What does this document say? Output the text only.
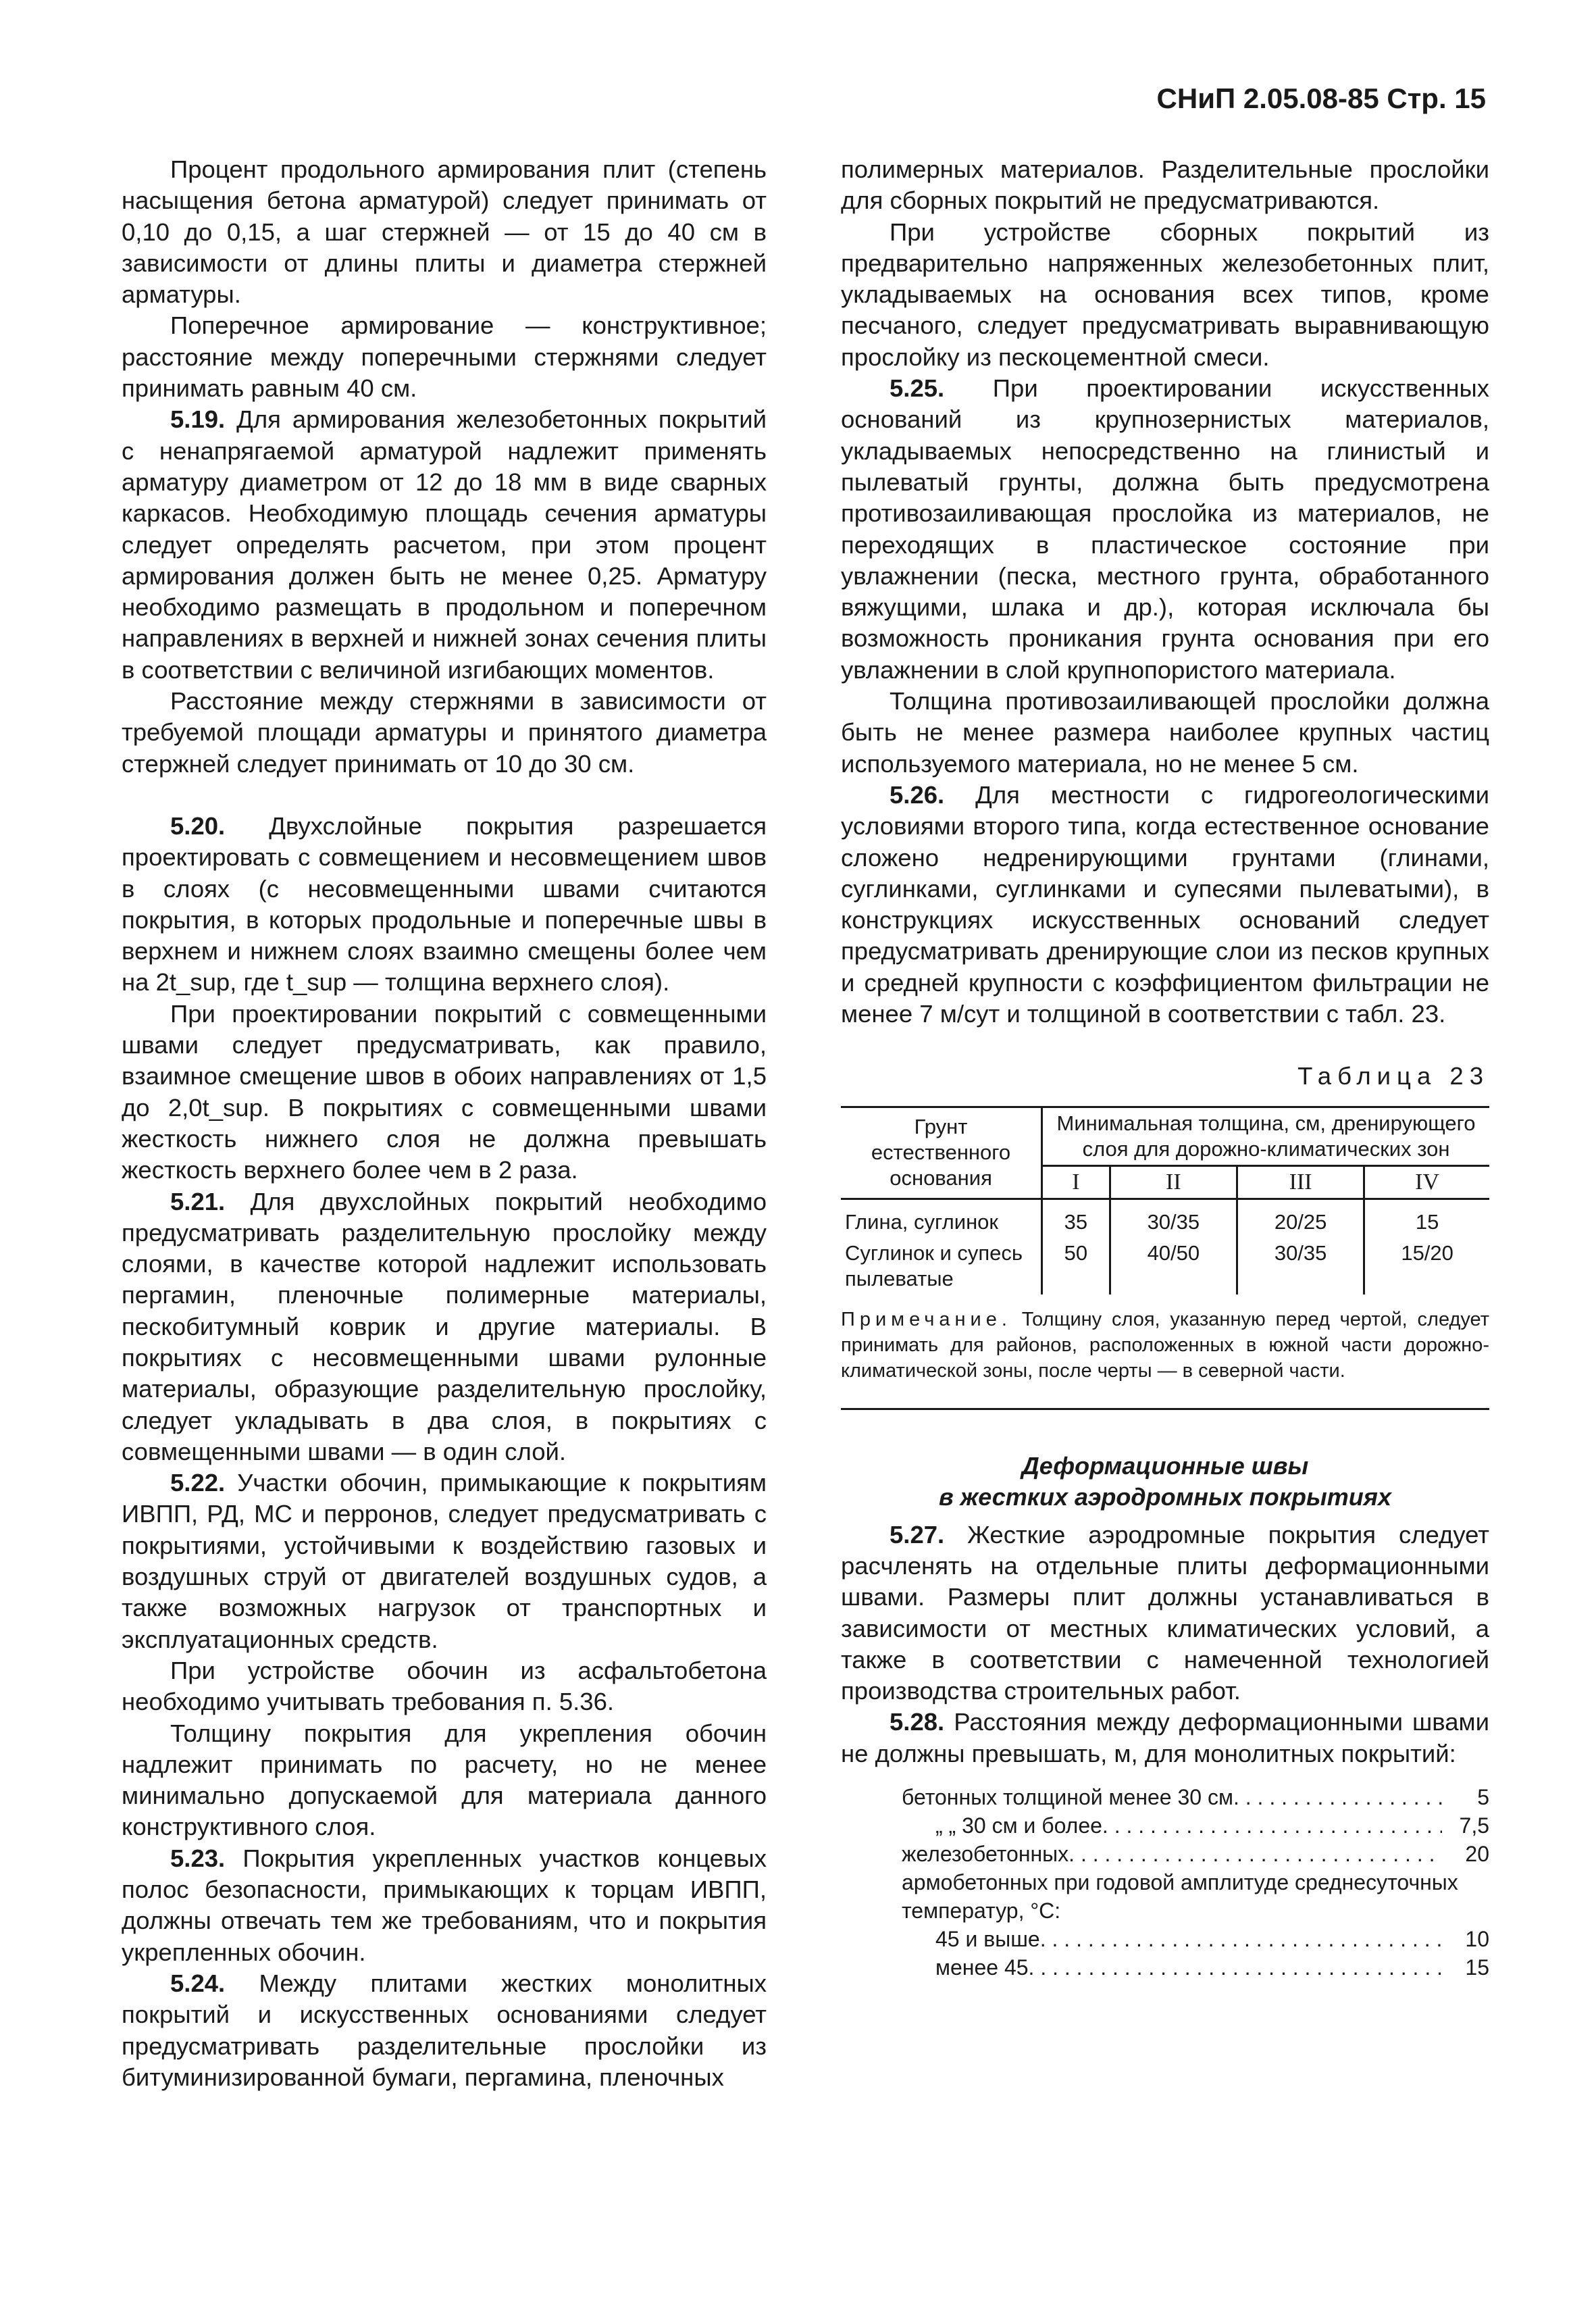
СНиП 2.05.08-85 Стр. 15

Процент продольного армирования плит (степень насыщения бетона арматурой) следует принимать от 0,10 до 0,15, а шаг стержней — от 15 до 40 см в зависимости от длины плиты и диаметра стержней арматуры.

Поперечное армирование — конструктивное; расстояние между поперечными стержнями следует принимать равным 40 см.

5.19. Для армирования железобетонных покрытий с ненапрягаемой арматурой надлежит применять арматуру диаметром от 12 до 18 мм в виде сварных каркасов. Необходимую площадь сечения арматуры следует определять расчетом, при этом процент армирования должен быть не менее 0,25. Арматуру необходимо размещать в продольном и поперечном направлениях в верхней и нижней зонах сечения плиты в соответствии с величиной изгибающих моментов.

Расстояние между стержнями в зависимости от требуемой площади арматуры и принятого диаметра стержней следует принимать от 10 до 30 см.

5.20. Двухслойные покрытия разрешается проектировать с совмещением и несовмещением швов в слоях (с несовмещенными швами считаются покрытия, в которых продольные и поперечные швы в верхнем и нижнем слоях взаимно смещены более чем на 2t_sup, где t_sup — толщина верхнего слоя).

При проектировании покрытий с совмещенными швами следует предусматривать, как правило, взаимное смещение швов в обоих направлениях от 1,5 до 2,0t_sup. В покрытиях с совмещенными швами жесткость нижнего слоя не должна превышать жесткость верхнего более чем в 2 раза.

5.21. Для двухслойных покрытий необходимо предусматривать разделительную прослойку между слоями, в качестве которой надлежит использовать пергамин, пленочные полимерные материалы, пескобитумный коврик и другие материалы. В покрытиях с несовмещенными швами рулонные материалы, образующие разделительную прослойку, следует укладывать в два слоя, в покрытиях с совмещенными швами — в один слой.

5.22. Участки обочин, примыкающие к покрытиям ИВПП, РД, МС и перронов, следует предусматривать с покрытиями, устойчивыми к воздействию газовых и воздушных струй от двигателей воздушных судов, а также возможных нагрузок от транспортных и эксплуатационных средств.

При устройстве обочин из асфальтобетона необходимо учитывать требования п. 5.36.

Толщину покрытия для укрепления обочин надлежит принимать по расчету, но не менее минимально допускаемой для материала данного конструктивного слоя.

5.23. Покрытия укрепленных участков концевых полос безопасности, примыкающих к торцам ИВПП, должны отвечать тем же требованиям, что и покрытия укрепленных обочин.

5.24. Между плитами жестких монолитных покрытий и искусственных основаниями следует предусматривать разделительные прослойки из битуминизированной бумаги, пергамина, пленочных

полимерных материалов. Разделительные прослойки для сборных покрытий не предусматриваются.

При устройстве сборных покрытий из предварительно напряженных железобетонных плит, укладываемых на основания всех типов, кроме песчаного, следует предусматривать выравнивающую прослойку из пескоцементной смеси.

5.25. При проектировании искусственных оснований из крупнозернистых материалов, укладываемых непосредственно на глинистый и пылеватый грунты, должна быть предусмотрена противозаиливающая прослойка из материалов, не переходящих в пластическое состояние при увлажнении (песка, местного грунта, обработанного вяжущими, шлака и др.), которая исключала бы возможность проникания грунта основания при его увлажнении в слой крупнопористого материала.

Толщина противозаиливающей прослойки должна быть не менее размера наиболее крупных частиц используемого материала, но не менее 5 см.

5.26. Для местности с гидрогеологическими условиями второго типа, когда естественное основание сложено недренирующими грунтами (глинами, суглинками, суглинками и супесями пылеватыми), в конструкциях искусственных оснований следует предусматривать дренирующие слои из песков крупных и средней крупности с коэффициентом фильтрации не менее 7 м/сут и толщиной в соответствии с табл. 23.

Таблица 23
Грунт естественного основания	Минимальная толщина, см, дренирующего слоя для дорожно-климатических зон			
	I	II	III	IV
Глина, суглинок	35	30/35	20/25	15
Суглинок и супесь пылеватые	50	40/50	30/35	15/20
Примечание. Толщину слоя, указанную перед чертой, следует принимать для районов, расположенных в южной части дорожно-климатической зоны, после черты — в северной части.
Деформационные швы
в жестких аэродромных покрытиях

5.27. Жесткие аэродромные покрытия следует расчленять на отдельные плиты деформационными швами. Размеры плит должны устанавливаться в зависимости от местных климатических условий, а также в соответствии с намеченной технологией производства строительных работ.

5.28. Расстояния между деформационными швами не должны превышать, м, для монолитных покрытий:

бетонных толщиной менее 30 см . . .	5
„ „ 30 см и более . . .	7,5
железобетонных . . .	20
армобетонных при годовой амплитуде среднесуточных температур, °С:
45 и выше . . .	10
менее 45 . . .	15
